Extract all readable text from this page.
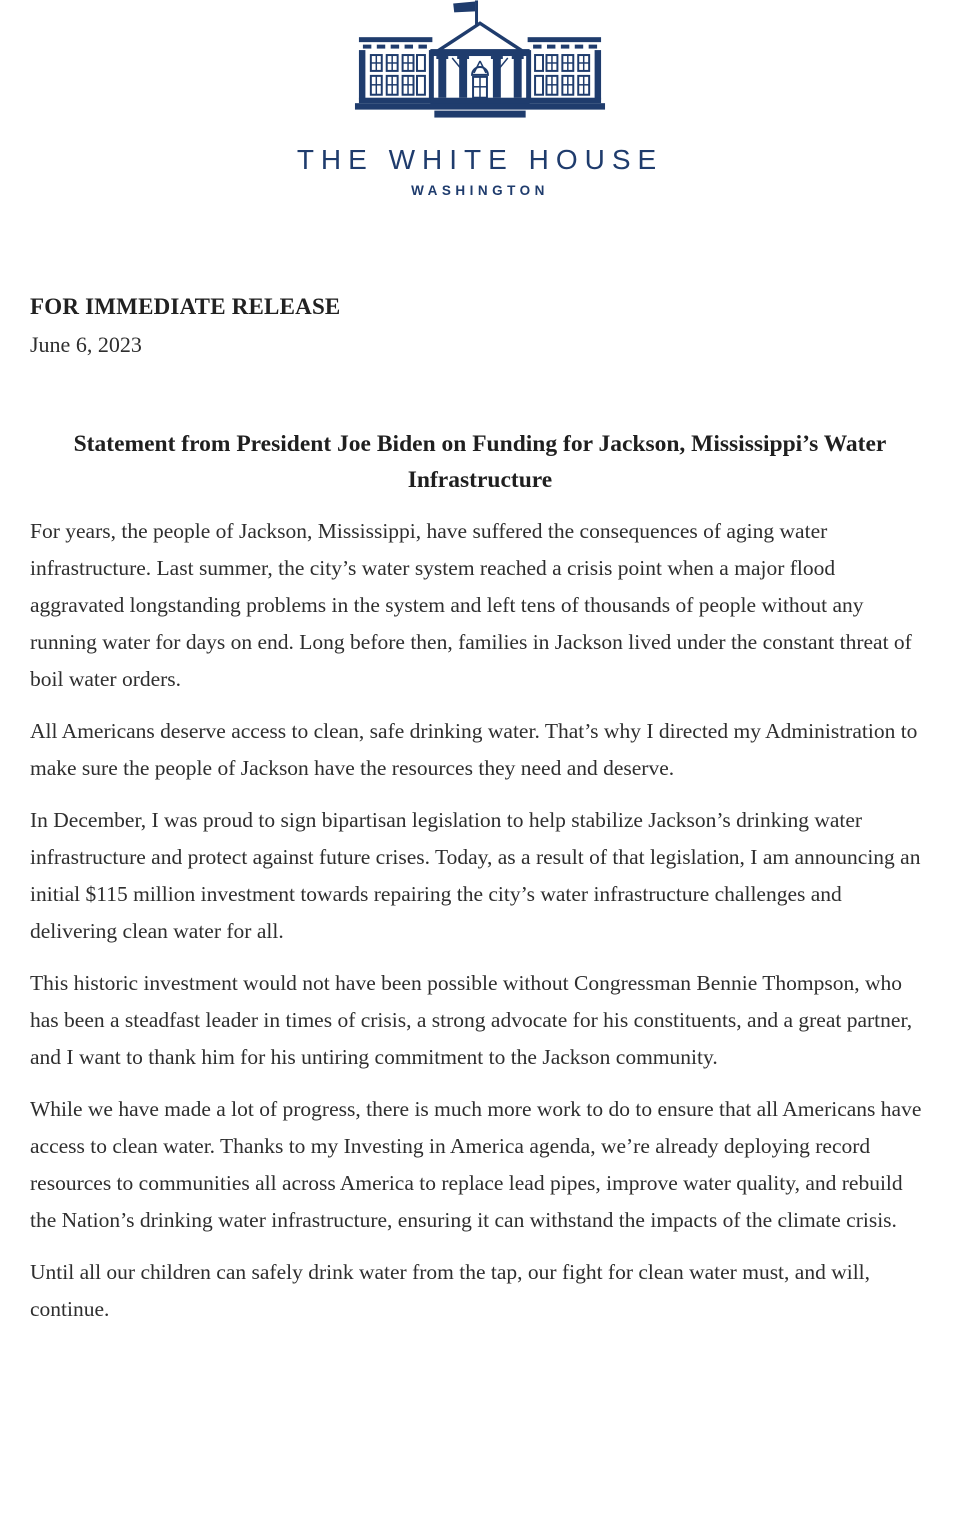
THE WHITE HOUSE
WASHINGTON
FOR IMMEDIATE RELEASE
June 6, 2023
Statement from President Joe Biden on Funding for Jackson, Mississippi’s Water Infrastructure

For years, the people of Jackson, Mississippi, have suffered the consequences of aging water infrastructure. Last summer, the city’s water system reached a crisis point when a major flood aggravated longstanding problems in the system and left tens of thousands of people without any running water for days on end. Long before then, families in Jackson lived under the constant threat of boil water orders.

All Americans deserve access to clean, safe drinking water. That’s why I directed my Administration to make sure the people of Jackson have the resources they need and deserve.

In December, I was proud to sign bipartisan legislation to help stabilize Jackson’s drinking water infrastructure and protect against future crises. Today, as a result of that legislation, I am announcing an initial $115 million investment towards repairing the city’s water infrastructure challenges and delivering clean water for all.

This historic investment would not have been possible without Congressman Bennie Thompson, who has been a steadfast leader in times of crisis, a strong advocate for his constituents, and a great partner, and I want to thank him for his untiring commitment to the Jackson community.

While we have made a lot of progress, there is much more work to do to ensure that all Americans have access to clean water. Thanks to my Investing in America agenda, we’re already deploying record resources to communities all across America to replace lead pipes, improve water quality, and rebuild the Nation’s drinking water infrastructure, ensuring it can withstand the impacts of the climate crisis.

Until all our children can safely drink water from the tap, our fight for clean water must, and will, continue.
